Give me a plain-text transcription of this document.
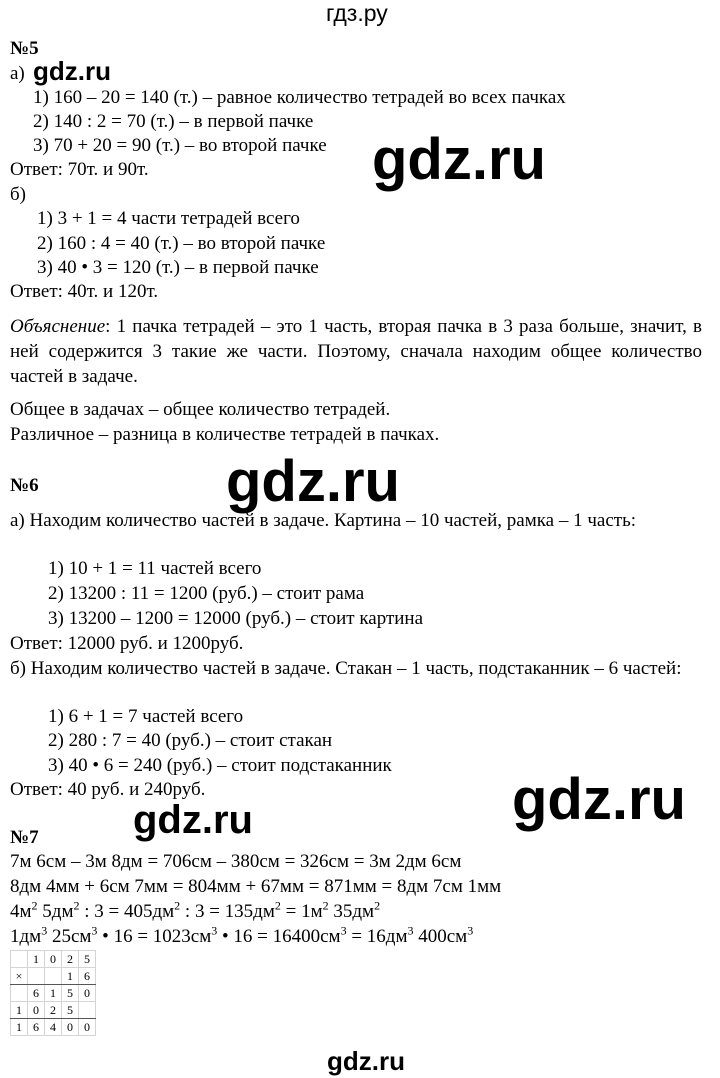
гдз.ру
gdz.ru
gdz.ru
gdz.ru
gdz.ru
gdz.ru
gdz.ru
№5
а)
1) 160 – 20 = 140 (т.) – равное количество тетрадей во всех пачках
2) 140 : 2 = 70 (т.) – в первой пачке
3) 70 + 20 = 90 (т.) – во второй пачке
Ответ: 70т. и 90т.
б)
1) 3 + 1 = 4 части тетрадей всего
2) 160 : 4 = 40 (т.) – во второй пачке
3) 40 • 3 = 120 (т.) – в первой пачке
Ответ: 40т. и 120т.
Объяснение: 1 пачка тетрадей – это 1 часть, вторая пачка в 3 раза больше, значит, в ней содержится 3 такие же части. Поэтому, сначала находим общее количество частей в задаче.
Общее в задачах – общее количество тетрадей.
Различное – разница в количестве тетрадей в пачках.
№6
а) Находим количество частей в задаче. Картина – 10 частей, рамка – 1 часть:
1) 10 + 1 = 11 частей всего
2) 13200 : 11 = 1200 (руб.) – стоит рама
3) 13200 – 1200 = 12000 (руб.) – стоит картина
Ответ: 12000 руб. и 1200руб.
б) Находим количество частей в задаче. Стакан – 1 часть, подстаканник – 6 частей:
1) 6 + 1 = 7 частей всего
2) 280 : 7 = 40 (руб.) – стоит стакан
3) 40 • 6 = 240 (руб.) – стоит подстаканник
Ответ: 40 руб. и 240руб.
№7
7м 6см – 3м 8дм = 706см – 380см = 326см = 3м 2дм 6см
8дм 4мм + 6см 7мм = 804мм + 67мм = 871мм = 8дм 7см 1мм
$4м^2$ $5дм^2$ : $3 = 405дм^2$ : $3 = 135дм^2 = 1м^2$ $35дм^2$
$1дм^3$ $25см^3$ • $16 = 1023см^3$ • $16 = 16400см^3 = 16дм^3$ $400см^3$
	1	0	2	5
×			1	6
	6	1	5	0
1	0	2	5	
1	6	4	0	0
